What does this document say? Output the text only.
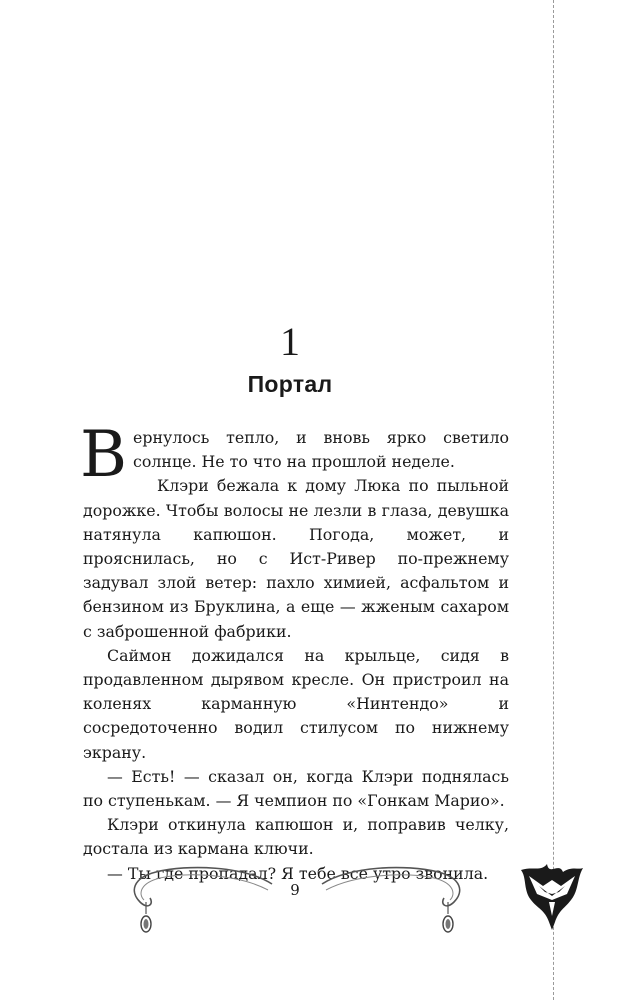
1
Портал

Вернулось тепло, и вновь ярко светило солнце. Не то что на прошлой неделе.

Клэри бежала к дому Люка по пыльной дорожке. Чтобы волосы не лезли в глаза, девушка натянула капюшон. Погода, может, и прояснилась, но с Ист-Ривер по-прежнему задувал злой ветер: пахло химией, асфальтом и бензином из Бруклина, а еще — жженым сахаром с заброшенной фабрики.

Саймон дожидался на крыльце, сидя в продавленном дырявом кресле. Он пристроил на коленях карманную «Нинтендо» и сосредоточенно водил стилусом по нижнему экрану.

— Есть! — сказал он, когда Клэри поднялась по ступенькам. — Я чемпион по «Гонкам Марио».

Клэри откинула капюшон и, поправив челку, достала из кармана ключи.

— Ты где пропадал? Я тебе все утро звонила.

9
